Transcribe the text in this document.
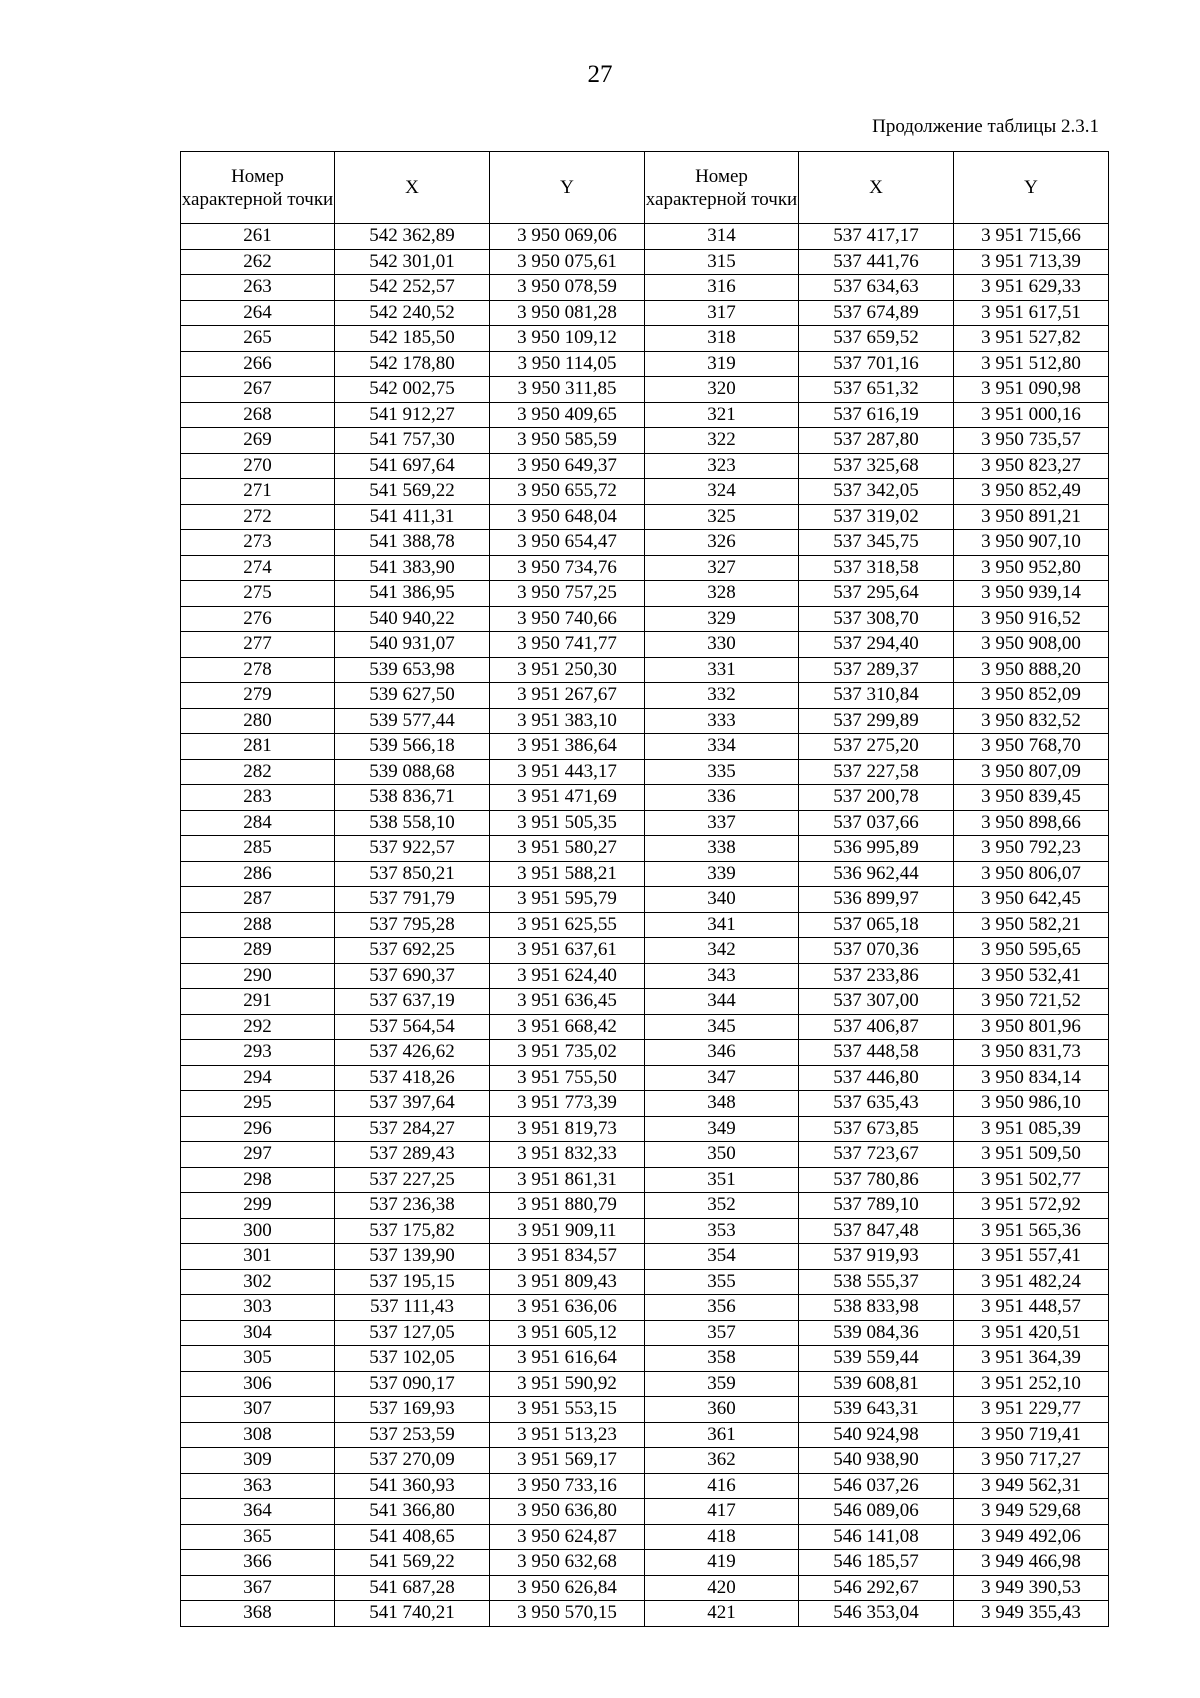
27
Продолжение таблицы 2.3.1
Номер характерной точки	X	Y	Номер характерной точки	X	Y
261	542 362,89	3 950 069,06	314	537 417,17	3 951 715,66
262	542 301,01	3 950 075,61	315	537 441,76	3 951 713,39
263	542 252,57	3 950 078,59	316	537 634,63	3 951 629,33
264	542 240,52	3 950 081,28	317	537 674,89	3 951 617,51
265	542 185,50	3 950 109,12	318	537 659,52	3 951 527,82
266	542 178,80	3 950 114,05	319	537 701,16	3 951 512,80
267	542 002,75	3 950 311,85	320	537 651,32	3 951 090,98
268	541 912,27	3 950 409,65	321	537 616,19	3 951 000,16
269	541 757,30	3 950 585,59	322	537 287,80	3 950 735,57
270	541 697,64	3 950 649,37	323	537 325,68	3 950 823,27
271	541 569,22	3 950 655,72	324	537 342,05	3 950 852,49
272	541 411,31	3 950 648,04	325	537 319,02	3 950 891,21
273	541 388,78	3 950 654,47	326	537 345,75	3 950 907,10
274	541 383,90	3 950 734,76	327	537 318,58	3 950 952,80
275	541 386,95	3 950 757,25	328	537 295,64	3 950 939,14
276	540 940,22	3 950 740,66	329	537 308,70	3 950 916,52
277	540 931,07	3 950 741,77	330	537 294,40	3 950 908,00
278	539 653,98	3 951 250,30	331	537 289,37	3 950 888,20
279	539 627,50	3 951 267,67	332	537 310,84	3 950 852,09
280	539 577,44	3 951 383,10	333	537 299,89	3 950 832,52
281	539 566,18	3 951 386,64	334	537 275,20	3 950 768,70
282	539 088,68	3 951 443,17	335	537 227,58	3 950 807,09
283	538 836,71	3 951 471,69	336	537 200,78	3 950 839,45
284	538 558,10	3 951 505,35	337	537 037,66	3 950 898,66
285	537 922,57	3 951 580,27	338	536 995,89	3 950 792,23
286	537 850,21	3 951 588,21	339	536 962,44	3 950 806,07
287	537 791,79	3 951 595,79	340	536 899,97	3 950 642,45
288	537 795,28	3 951 625,55	341	537 065,18	3 950 582,21
289	537 692,25	3 951 637,61	342	537 070,36	3 950 595,65
290	537 690,37	3 951 624,40	343	537 233,86	3 950 532,41
291	537 637,19	3 951 636,45	344	537 307,00	3 950 721,52
292	537 564,54	3 951 668,42	345	537 406,87	3 950 801,96
293	537 426,62	3 951 735,02	346	537 448,58	3 950 831,73
294	537 418,26	3 951 755,50	347	537 446,80	3 950 834,14
295	537 397,64	3 951 773,39	348	537 635,43	3 950 986,10
296	537 284,27	3 951 819,73	349	537 673,85	3 951 085,39
297	537 289,43	3 951 832,33	350	537 723,67	3 951 509,50
298	537 227,25	3 951 861,31	351	537 780,86	3 951 502,77
299	537 236,38	3 951 880,79	352	537 789,10	3 951 572,92
300	537 175,82	3 951 909,11	353	537 847,48	3 951 565,36
301	537 139,90	3 951 834,57	354	537 919,93	3 951 557,41
302	537 195,15	3 951 809,43	355	538 555,37	3 951 482,24
303	537 111,43	3 951 636,06	356	538 833,98	3 951 448,57
304	537 127,05	3 951 605,12	357	539 084,36	3 951 420,51
305	537 102,05	3 951 616,64	358	539 559,44	3 951 364,39
306	537 090,17	3 951 590,92	359	539 608,81	3 951 252,10
307	537 169,93	3 951 553,15	360	539 643,31	3 951 229,77
308	537 253,59	3 951 513,23	361	540 924,98	3 950 719,41
309	537 270,09	3 951 569,17	362	540 938,90	3 950 717,27
363	541 360,93	3 950 733,16	416	546 037,26	3 949 562,31
364	541 366,80	3 950 636,80	417	546 089,06	3 949 529,68
365	541 408,65	3 950 624,87	418	546 141,08	3 949 492,06
366	541 569,22	3 950 632,68	419	546 185,57	3 949 466,98
367	541 687,28	3 950 626,84	420	546 292,67	3 949 390,53
368	541 740,21	3 950 570,15	421	546 353,04	3 949 355,43
